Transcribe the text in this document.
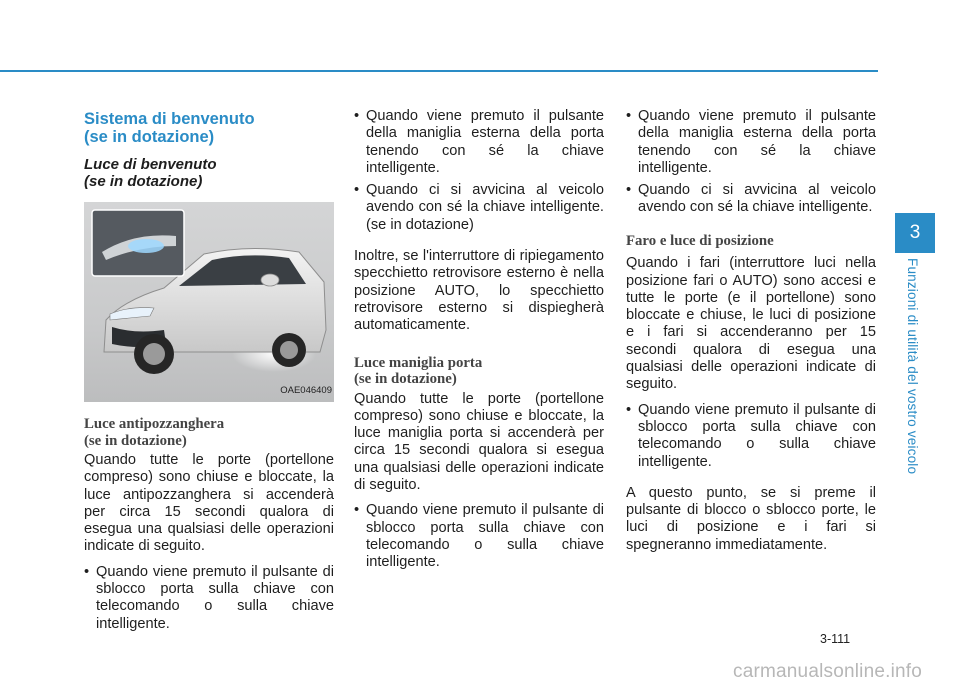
Sistema di benvenuto
(se in dotazione)
Luce di benvenuto
(se in dotazione)
OAE046409
Luce antipozzanghera
(se in dotazione)

Quando tutte le porte (portellone compreso) sono chiuse e bloccate, la luce antipozzanghera si accenderà per circa 15 secondi qualora di esegua una qualsiasi delle operazioni indicate di seguito.

• Quando viene premuto il pulsante di sblocco porta sulla chiave con telecomando o sulla chiave intelligente.
• Quando viene premuto il pulsante della maniglia esterna della porta tenendo con sé la chiave intelligente.
• Quando ci si avvicina al veicolo avendo con sé la chiave intelligente. (se in dotazione)

Inoltre, se l'interruttore di ripiegamento specchietto retrovisore esterno è nella posizione AUTO, lo specchietto retrovisore esterno si dispiegherà automaticamente.

Luce maniglia porta
(se in dotazione)

Quando tutte le porte (portellone compreso) sono chiuse e bloccate, la luce maniglia porta si accenderà per circa 15 secondi qualora si esegua una qualsiasi delle operazioni indicate di seguito.

• Quando viene premuto il pulsante di sblocco porta sulla chiave con telecomando o sulla chiave intelligente.
• Quando viene premuto il pulsante della maniglia esterna della porta tenendo con sé la chiave intelligente.
• Quando ci si avvicina al veicolo avendo con sé la chiave intelligente.
Faro e luce di posizione

Quando i fari (interruttore luci nella posizione fari o AUTO) sono accesi e tutte le porte (e il portellone) sono bloccate e chiuse, le luci di posizione e i fari si accenderanno per 15 secondi qualora di esegua una qualsiasi delle operazioni indicate di seguito.

• Quando viene premuto il pulsante di sblocco porta sulla chiave con telecomando o sulla chiave intelligente.

A questo punto, se si preme il pulsante di blocco o sblocco porte, le luci di posizione e i fari si spegneranno immediatamente.

3
Funzioni di utilità del vostro veicolo
3-111
carmanualsonline.info
